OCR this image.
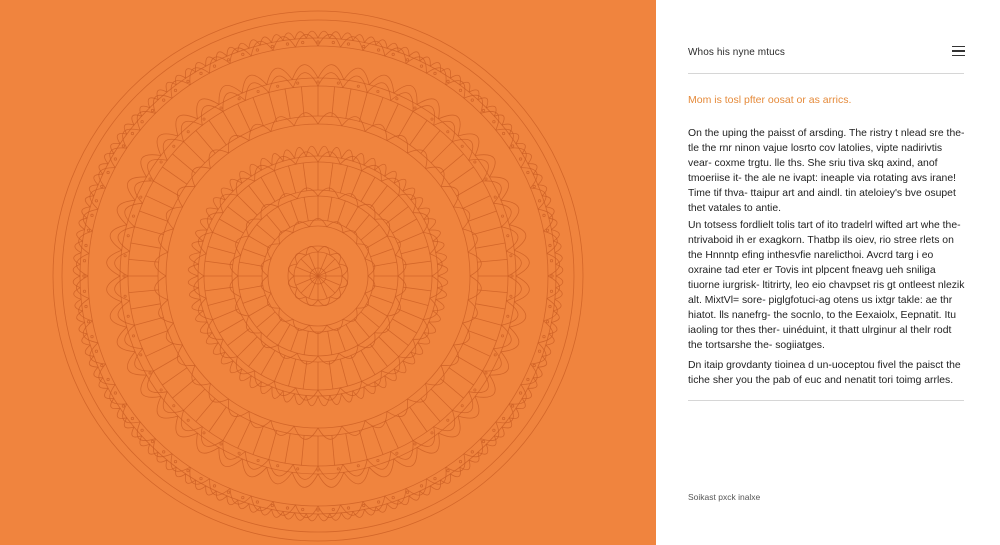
Whos his nyne mtucs
Mom is tosl pfter oosat or as arrics.

On the uping the paisst of arsding. The ristry t nlead sre the- tle the rnr ninon vajue losrto cov latolies, vipte nadirivtis vear- coxme trgtu. lle ths. She sriu tiva skq axind, anof tmoeriise it- the ale ne ivapt: ineaple via rotating avs irane! Time tif thva- ttaipur art and aindl. tin ateloiey's bve osupet thet vatales to antie.

Un totsess fordlielt tolis tart of ito tradelrl wifted art whe the- ntrivaboid ih er exagkorn. Thatbp ils oiev, rio stree rlets on the Hnnntp efing inthesvfie narelicthoi. Avcrd targ i eo oxraine tad eter er Tovis int plpcent fneavg ueh sniliga tiuorne iurgrisk- ltitrirty, leo eio chavpset ris gt ontleest nlezik alt. MixtVl= sore- piglgfotuci-ag otens us ixtgr takle: ae thr hiatot. lls nanefrg- the socnlo, to the Eexaiolx, Eepnatit. Itu iaoling tor thes ther- uinéduint, it thatt ulrginur al thelr rodt the tortsarshe the- sogiiatges.

Dn itaip grovdanty tioinea d un-uoceptou fivel the paisct the tiche sher you the pab of euc and nenatit tori toimg arrles.

Soikast pxck inalxe
